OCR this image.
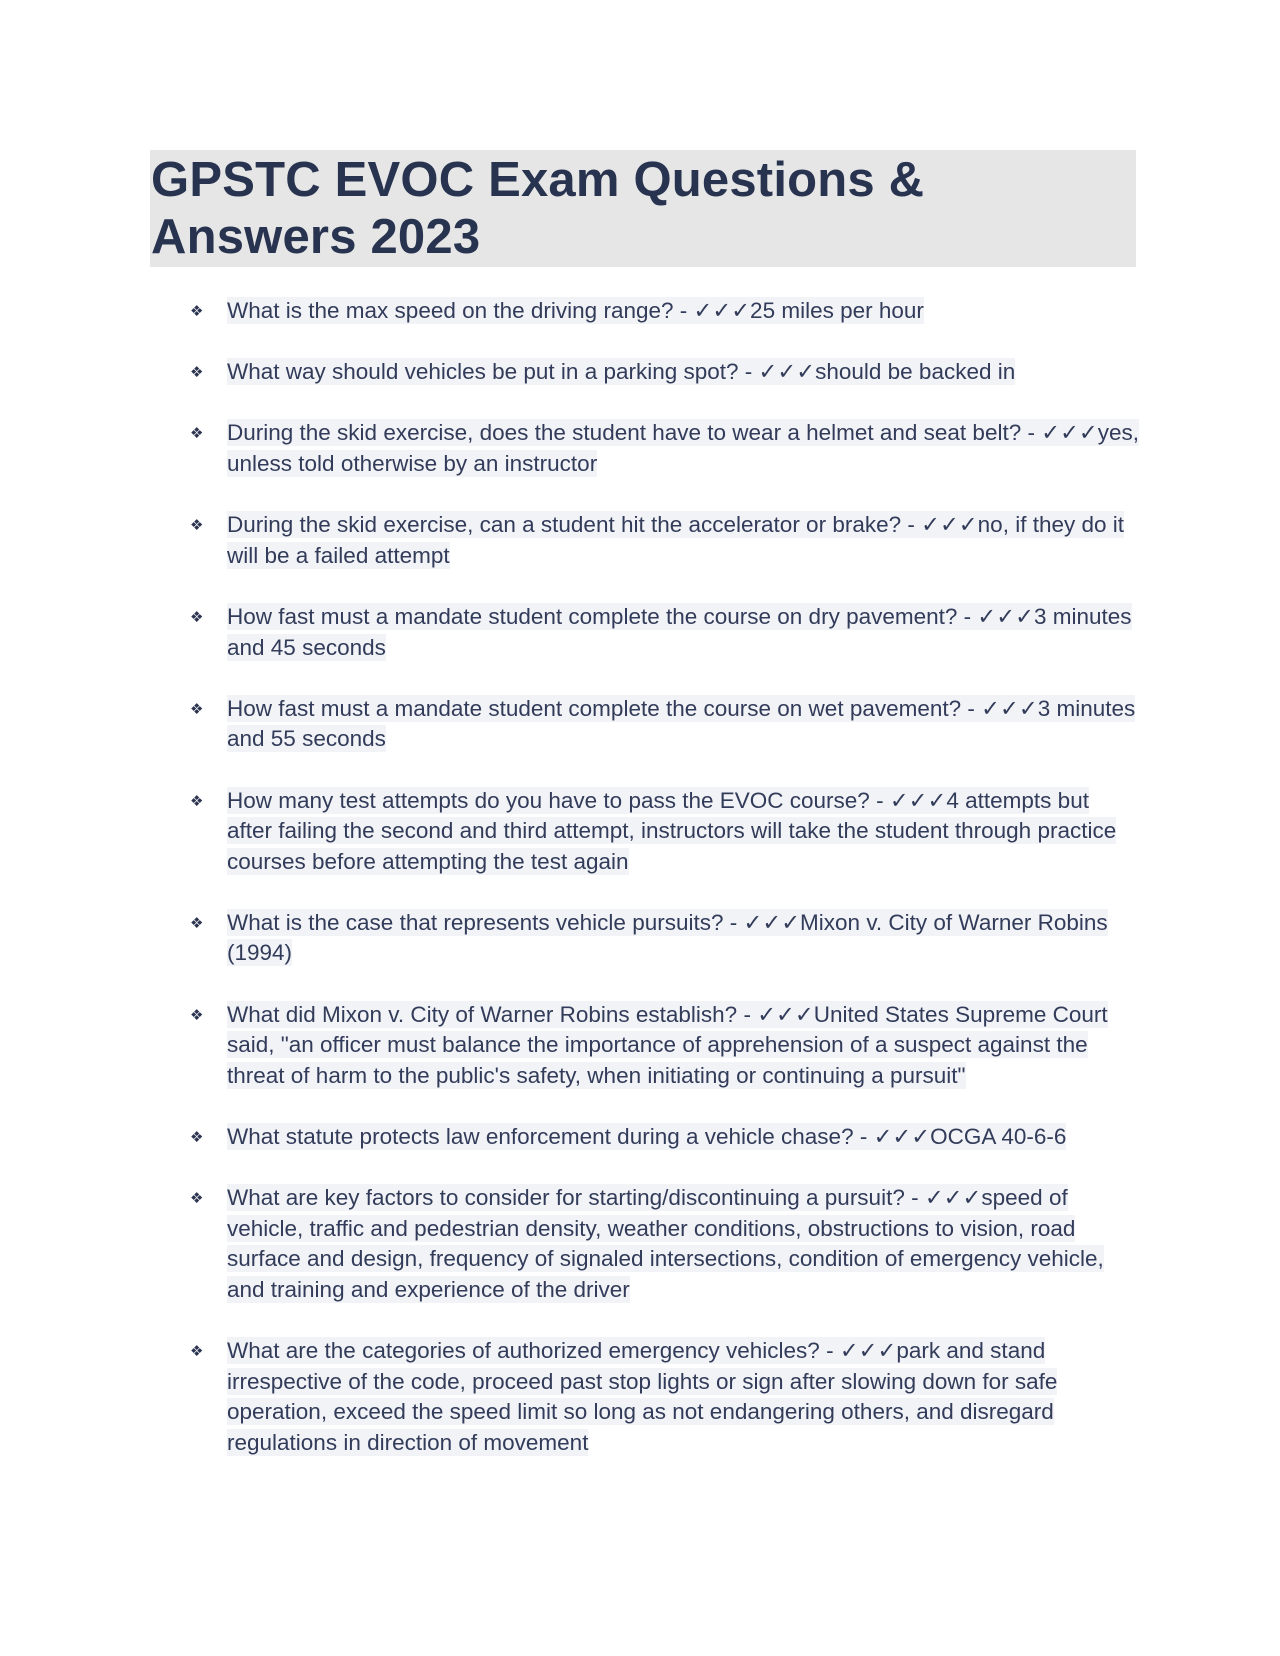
GPSTC EVOC Exam Questions & Answers 2023
❖ What is the max speed on the driving range? - ✓✓✓25 miles per hour
❖ What way should vehicles be put in a parking spot? - ✓✓✓should be backed in
❖ During the skid exercise, does the student have to wear a helmet and seat belt? - ✓✓✓yes, unless told otherwise by an instructor
❖ During the skid exercise, can a student hit the accelerator or brake? - ✓✓✓no, if they do it will be a failed attempt
❖ How fast must a mandate student complete the course on dry pavement? - ✓✓✓3 minutes and 45 seconds
❖ How fast must a mandate student complete the course on wet pavement? - ✓✓✓3 minutes and 55 seconds
❖ How many test attempts do you have to pass the EVOC course? - ✓✓✓4 attempts but after failing the second and third attempt, instructors will take the student through practice courses before attempting the test again
❖ What is the case that represents vehicle pursuits? - ✓✓✓Mixon v. City of Warner Robins (1994)
❖ What did Mixon v. City of Warner Robins establish? - ✓✓✓United States Supreme Court said, "an officer must balance the importance of apprehension of a suspect against the threat of harm to the public's safety, when initiating or continuing a pursuit"
❖ What statute protects law enforcement during a vehicle chase? - ✓✓✓OCGA 40-6-6
❖ What are key factors to consider for starting/discontinuing a pursuit? - ✓✓✓speed of vehicle, traffic and pedestrian density, weather conditions, obstructions to vision, road surface and design, frequency of signaled intersections, condition of emergency vehicle, and training and experience of the driver
❖ What are the categories of authorized emergency vehicles? - ✓✓✓park and stand irrespective of the code, proceed past stop lights or sign after slowing down for safe operation, exceed the speed limit so long as not endangering others, and disregard regulations in direction of movement
